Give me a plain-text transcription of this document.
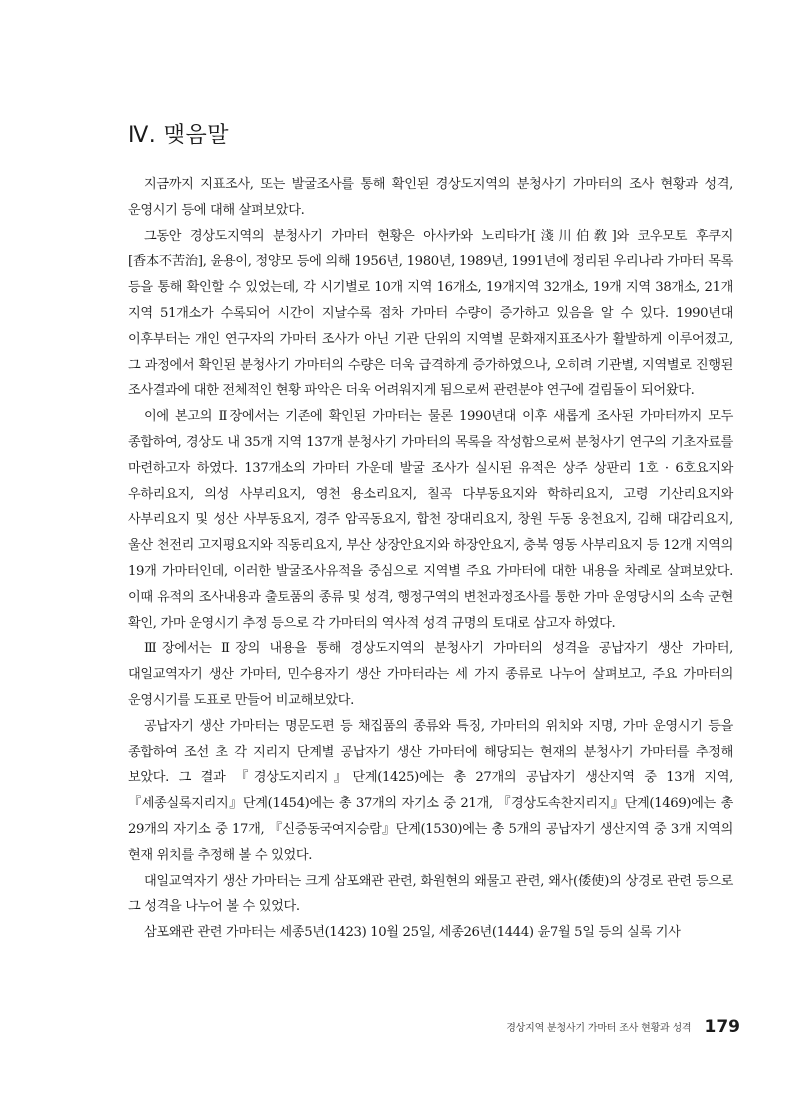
Ⅳ. 맺음말

지금까지 지표조사, 또는 발굴조사를 통해 확인된 경상도지역의 분청사기 가마터의 조사 현황과 성격, 운영시기 등에 대해 살펴보았다.

그동안 경상도지역의 분청사기 가마터 현황은 아사카와 노리타가[淺川伯敎]와 코우모토 후쿠지[香本不苦治], 윤용이, 정양모 등에 의해 1956년, 1980년, 1989년, 1991년에 정리된 우리나라 가마터 목록 등을 통해 확인할 수 있었는데, 각 시기별로 10개 지역 16개소, 19개지역 32개소, 19개 지역 38개소, 21개 지역 51개소가 수록되어 시간이 지날수록 점차 가마터 수량이 증가하고 있음을 알 수 있다. 1990년대 이후부터는 개인 연구자의 가마터 조사가 아닌 기관 단위의 지역별 문화재지표조사가 활발하게 이루어졌고, 그 과정에서 확인된 분청사기 가마터의 수량은 더욱 급격하게 증가하였으나, 오히려 기관별, 지역별로 진행된 조사결과에 대한 전체적인 현황 파악은 더욱 어려워지게 됨으로써 관련분야 연구에 걸림돌이 되어왔다.

이에 본고의 Ⅱ장에서는 기존에 확인된 가마터는 물론 1990년대 이후 새롭게 조사된 가마터까지 모두 종합하여, 경상도 내 35개 지역 137개 분청사기 가마터의 목록을 작성함으로써 분청사기 연구의 기초자료를 마련하고자 하였다. 137개소의 가마터 가운데 발굴 조사가 실시된 유적은 상주 상판리 1호 · 6호요지와 우하리요지, 의성 사부리요지, 영천 용소리요지, 칠곡 다부동요지와 학하리요지, 고령 기산리요지와 사부리요지 및 성산 사부동요지, 경주 암곡동요지, 합천 장대리요지, 창원 두동 웅천요지, 김해 대감리요지, 울산 천전리 고지평요지와 직동리요지, 부산 상장안요지와 하장안요지, 충북 영동 사부리요지 등 12개 지역의 19개 가마터인데, 이러한 발굴조사유적을 중심으로 지역별 주요 가마터에 대한 내용을 차례로 살펴보았다. 이때 유적의 조사내용과 출토품의 종류 및 성격, 행정구역의 변천과정조사를 통한 가마 운영당시의 소속 군현 확인, 가마 운영시기 추정 등으로 각 가마터의 역사적 성격 규명의 토대로 삼고자 하였다.

Ⅲ장에서는 Ⅱ장의 내용을 통해 경상도지역의 분청사기 가마터의 성격을 공납자기 생산 가마터, 대일교역자기 생산 가마터, 민수용자기 생산 가마터라는 세 가지 종류로 나누어 살펴보고, 주요 가마터의 운영시기를 도표로 만들어 비교해보았다.

공납자기 생산 가마터는 명문도편 등 채집품의 종류와 특징, 가마터의 위치와 지명, 가마 운영시기 등을 종합하여 조선 초 각 지리지 단계별 공납자기 생산 가마터에 해당되는 현재의 분청사기 가마터를 추정해 보았다. 그 결과 『경상도지리지』단계(1425)에는 총 27개의 공납자기 생산지역 중 13개 지역, 『세종실록지리지』단계(1454)에는 총 37개의 자기소 중 21개, 『경상도속찬지리지』단계(1469)에는 총 29개의 자기소 중 17개, 『신증동국여지승람』단계(1530)에는 총 5개의 공납자기 생산지역 중 3개 지역의 현재 위치를 추정해 볼 수 있었다.

대일교역자기 생산 가마터는 크게 삼포왜관 관련, 화원현의 왜물고 관련, 왜사(倭使)의 상경로 관련 등으로 그 성격을 나누어 볼 수 있었다.

삼포왜관 관련 가마터는 세종5년(1423) 10월 25일, 세종26년(1444) 윤7월 5일 등의 실록 기사

경상지역 분청사기 가마터 조사 현황과 성격 179
